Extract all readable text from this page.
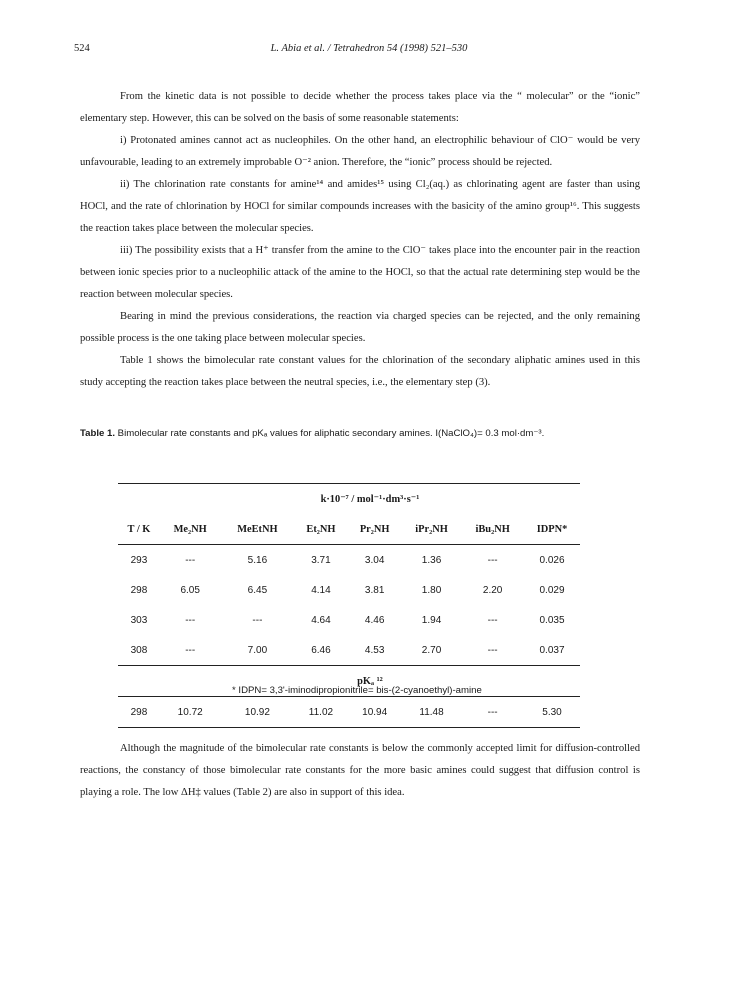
524	L. Abia et al. / Tetrahedron 54 (1998) 521–530

From the kinetic data is not possible to decide whether the process takes place via the “ molecular” or the “ionic” elementary step. However, this can be solved on the basis of some reasonable statements:

i) Protonated amines cannot act as nucleophiles. On the other hand, an electrophilic behaviour of ClO⁻ would be very unfavourable, leading to an extremely improbable O⁻² anion. Therefore, the “ionic” process should be rejected.

ii) The chlorination rate constants for amine¹⁴ and amides¹⁵ using Cl₂(aq.) as chlorinating agent are faster than using HOCl, and the rate of chlorination by HOCl for similar compounds increases with the basicity of the amino group¹⁶. This suggests the reaction takes place between the molecular species.

iii) The possibility exists that a H⁺ transfer from the amine to the ClO⁻ takes place into the encounter pair in the reaction between ionic species prior to a nucleophilic attack of the amine to the HOCl, so that the actual rate determining step would be the reaction between molecular species.

Bearing in mind the previous considerations, the reaction via charged species can be rejected, and the only remaining possible process is the one taking place between molecular species.

Table 1 shows the bimolecular rate constant values for the chlorination of the secondary aliphatic amines used in this study accepting the reaction takes place between the neutral species, i.e., the elementary step (3).

Table 1. Bimolecular rate constants and pKₐ values for aliphatic secondary amines. I(NaClO₄)= 0.3 mol·dm⁻³.
	k·10⁻⁷ / mol⁻¹·dm³·s⁻¹						
T / K	Me₂NH	MeEtNH	Et₂NH	Pr₂NH	iPr₂NH	iBu₂NH	IDPN*
293	---	5.16	3.71	3.04	1.36	---	0.026
298	6.05	6.45	4.14	3.81	1.80	2.20	0.029
303	---	---	4.64	4.46	1.94	---	0.035
308	---	7.00	6.46	4.53	2.70	---	0.037
	pKₐ ¹²						
298	10.72	10.92	11.02	10.94	11.48	---	5.30
* IDPN= 3,3'-iminodipropionitrile= bis-(2-cyanoethyl)-amine

Although the magnitude of the bimolecular rate constants is below the commonly accepted limit for diffusion-controlled reactions, the constancy of those bimolecular rate constants for the more basic amines could suggest that diffusion control is playing a role. The low ΔH‡ values (Table 2) are also in support of this idea.
